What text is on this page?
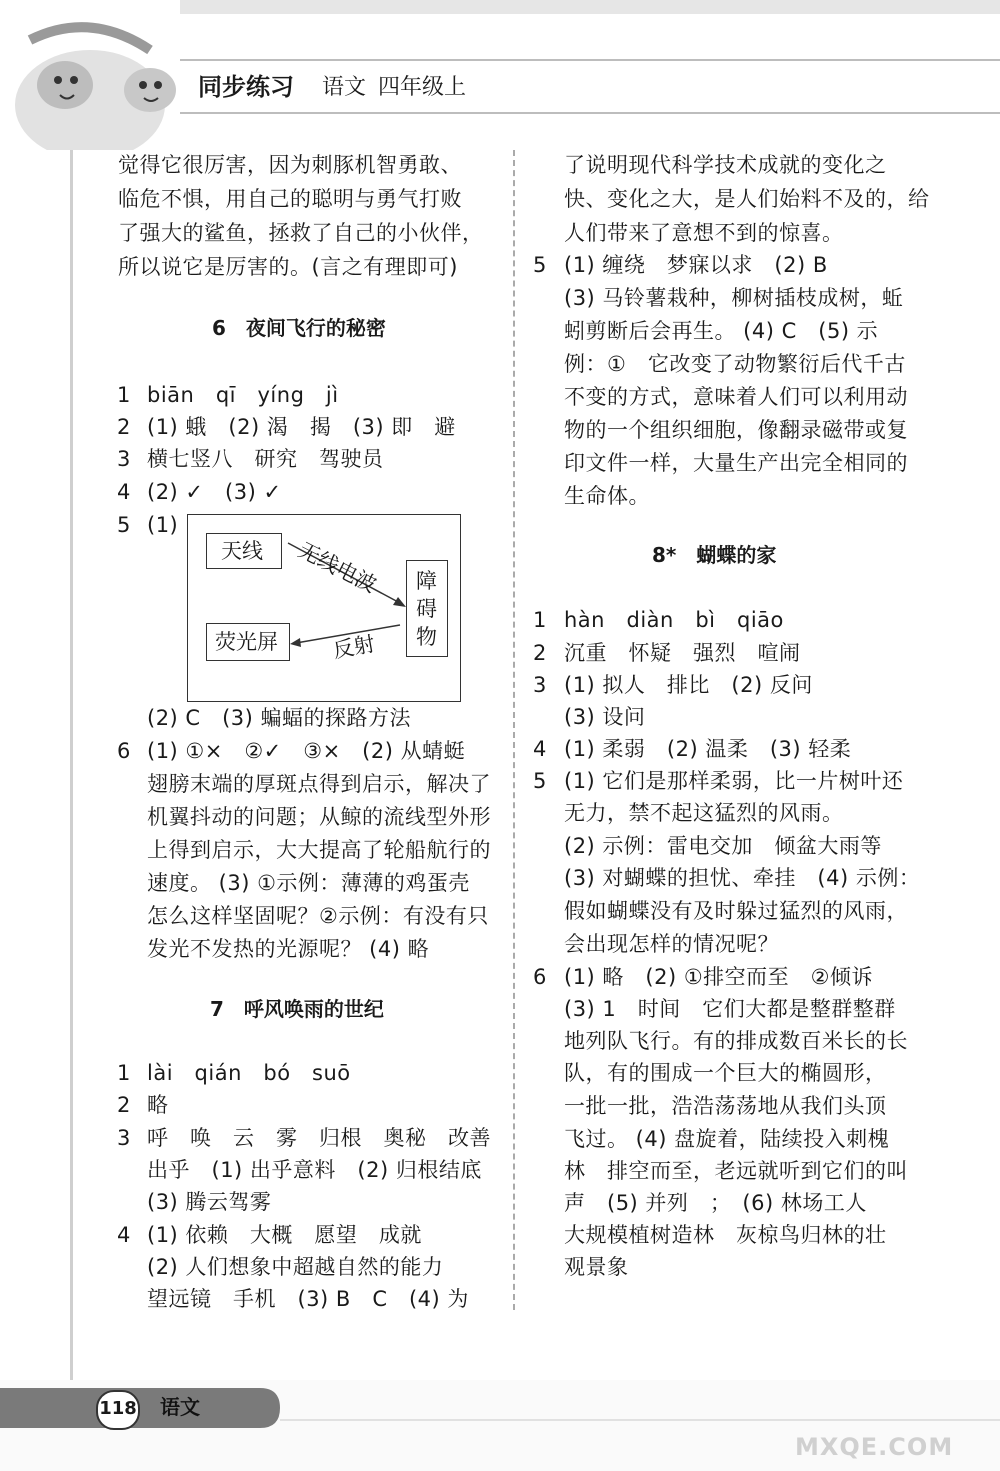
同步练习 语文 四年级上
觉得它很厉害，因为刺豚机智勇敢、
临危不惧，用自己的聪明与勇气打败
了强大的鲨鱼，拯救了自己的小伙伴，
所以说它是厉害的。(言之有理即可)
6　夜间飞行的秘密
1 biān　qī　yíng　jì
2 (1) 蛾　(2) 渴　揭　(3) 即　避
3 横七竖八　研究　驾驶员
4 (2) ✓　(3) ✓
5 (1)
天线 无线电波 障碍物
荧光屏	反射
(2) C　(3) 蝙蝠的探路方法
6 (1) ①×　②✓　③×　(2) 从蜻蜓
翅膀末端的厚斑点得到启示，解决了
机翼抖动的问题；从鲸的流线型外形
上得到启示，大大提高了轮船航行的
速度。 (3) ①示例：薄薄的鸡蛋壳
怎么这样坚固呢？②示例：有没有只
发光不发热的光源呢？ (4) 略
7　呼风唤雨的世纪
1 lài　qián　bó　suō
2 略
3 呼　唤　云　雾　归根　奥秘　改善
出乎　(1) 出乎意料　(2) 归根结底
(3) 腾云驾雾
4 (1) 依赖　大概　愿望　成就
(2) 人们想象中超越自然的能力
望远镜　手机　(3) B　C　(4) 为
了说明现代科学技术成就的变化之
快、变化之大，是人们始料不及的，给
人们带来了意想不到的惊喜。
5 (1) 缠绕　梦寐以求　(2) B
(3) 马铃薯栽种，柳树插枝成树，蚯
蚓剪断后会再生。 (4) C　(5) 示
例：①　它改变了动物繁衍后代千古
不变的方式，意味着人们可以利用动
物的一个组织细胞，像翻录磁带或复
印文件一样，大量生产出完全相同的
生命体。
8*　蝴蝶的家
1 hàn　diàn　bì　qiāo
2 沉重　怀疑　强烈　喧闹
3 (1) 拟人　排比　(2) 反问
(3) 设问
4 (1) 柔弱　(2) 温柔　(3) 轻柔
5 (1) 它们是那样柔弱，比一片树叶还
无力，禁不起这猛烈的风雨。
(2) 示例：雷电交加　倾盆大雨等
(3) 对蝴蝶的担忧、牵挂　(4) 示例：
假如蝴蝶没有及时躲过猛烈的风雨，
会出现怎样的情况呢？
6 (1) 略　(2) ①排空而至　②倾诉
(3) 1　时间　它们大都是整群整群
地列队飞行。有的排成数百米长的长
队，有的围成一个巨大的椭圆形，
一批一批，浩浩荡荡地从我们头顶
飞过。 (4) 盘旋着，陆续投入刺槐
林　排空而至，老远就听到它们的叫
声　(5) 并列　；　(6) 林场工人
大规模植树造林　灰椋鸟归林的壮
观景象
118 语文
MXQE.COM
